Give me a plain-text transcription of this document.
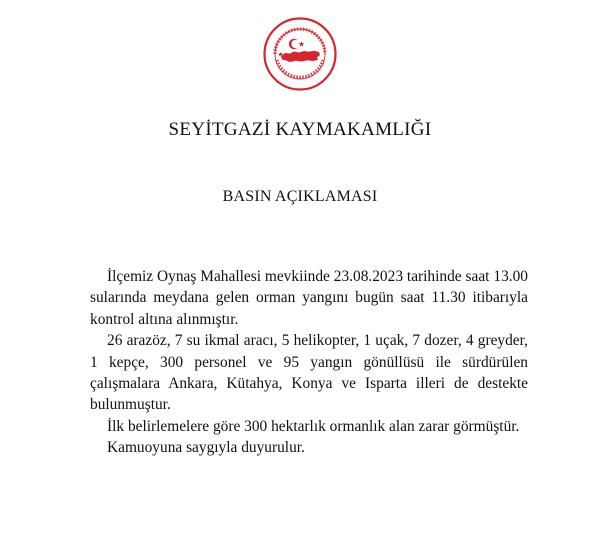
SEYİTGAZİ KAYMAKAMLIĞI
BASIN AÇIKLAMASI

İlçemiz Oynaş Mahallesi mevkiinde 23.08.2023 tarihinde saat 13.00 sularında meydana gelen orman yangını bugün saat 11.30 itibarıyla kontrol altına alınmıştır.

26 arazöz, 7 su ikmal aracı, 5 helikopter, 1 uçak, 7 dozer, 4 greyder, 1 kepçe, 300 personel ve 95 yangın gönüllüsü ile sürdürülen çalışmalara Ankara, Kütahya, Konya ve Isparta illeri de destekte bulunmuştur.

İlk belirlemelere göre 300 hektarlık ormanlık alan zarar görmüştür.

Kamuoyuna saygıyla duyurulur.
